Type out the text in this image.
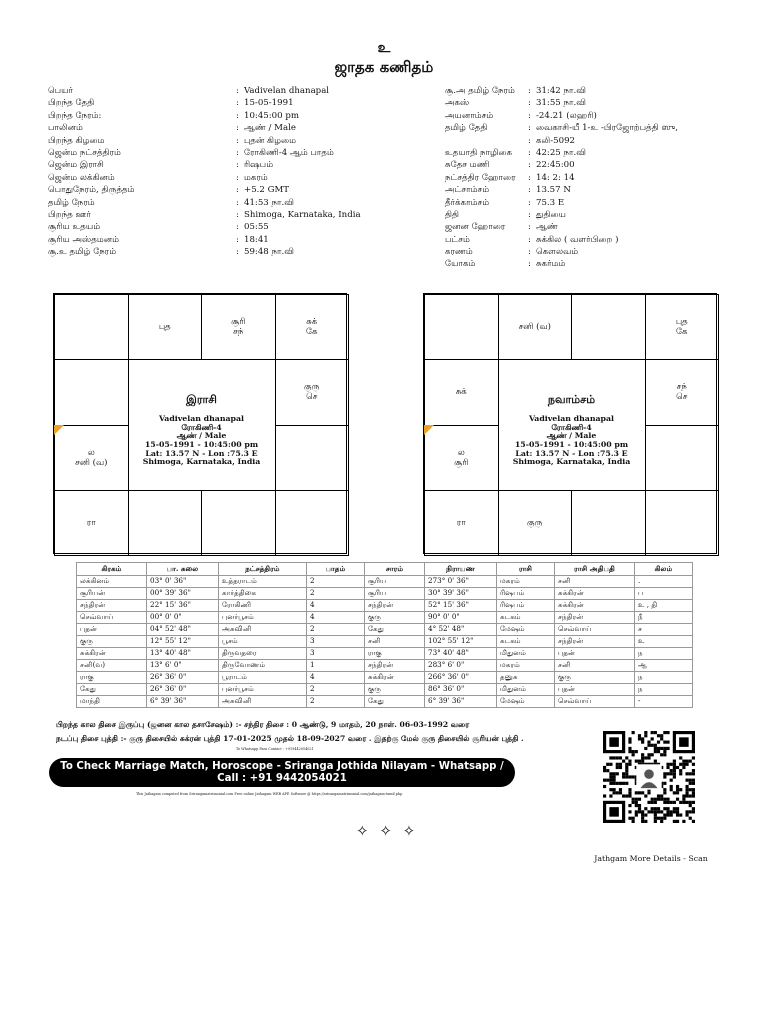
உ
ஜாதக கணிதம்
பெயர்	: Vadivelan dhanapal
பிறந்த தேதி	: 15-05-1991
பிறந்த நேரம்:	: 10:45:00 pm
பாலினம்	: ஆண் / Male
பிறந்த கிழமை	: புதன் கிழமை
ஜென்ம நட்சத்திரம்	: ரோகிணி-4 ஆம் பாதம்
ஜென்ம இராசி	: ரிஷபம்
ஜென்ம லக்கினம்	: மகரம்
பொதுநேரம், திருத்தம்	: +5.2 GMT
தமிழ் நேரம்	: 41:53 நா.வி
பிறந்த ஊர்	: Shimoga, Karnataka, India
சூரிய உதயம்	: 05:55
சூரிய அஸ்தமனம்	: 18:41
சூ.உ தமிழ் நேரம்	: 59:48 நா.வி
சூ.அ தமிழ் நேரம்	: 31:42 நா.வி
அகஸ்	: 31:55 நா.வி
அயனாம்சம்	: -24.21 (லஹரி)
தமிழ் தேதி	: வைகாசி-யீ 1-உ -பிரஜோற்பத்தி ஸு,
: கலி-5092
உதயாதி நாழிகை	: 42:25 நா.வி
சுதேச மணி	: 22:45:00
நட்சத்திர ஹோரை	: 14: 2: 14
அட்சாம்சம்	: 13.57 N
தீர்க்காம்சம்	: 75.3 E
திதி	: துதியை
ஜனன ஹோரை	: ஆண்
பட்சம்	: சுக்கில ( வளர்பிறை )
கரணம்	: கௌலவம்
யோகம்	: சுகர்மம்
புத	சூரி
சந்
சுக்
கே
குரு
செ
ல
சனி (வ)
ரா
இராசி
Vadivelan dhanapal
ரோகிணி-4
ஆண் / Male
15-05-1991 - 10:45:00 pm
Lat: 13.57 N - Lon :75.3 E
Shimoga, Karnataka, India
சனி (வ)	புத
கே
சுக்	சந்
செ
ல
சூரி
ரா	குரு
நவாம்சம்
Vadivelan dhanapal
ரோகிணி-4
ஆண் / Male
15-05-1991 - 10:45:00 pm
Lat: 13.57 N - Lon :75.3 E
Shimoga, Karnataka, India
கிரகம்	பா. கலை	நட்சத்திரம்	பாதம்	சாரம்	நிராயண	ராசி	ராசி அதிபதி	கிலம்
லக்கினம்	03° 0' 36"	உத்தராடம்	2	சூரிய	273° 0' 36"	மகரம்	சனி	.
சூரியன்	00° 39' 36"	கார்த்திகை	2	சூரிய	30° 39' 36"	ரிஷபம்	சுக்கிரன்	ப
சந்திரன்	22° 15' 36"	ரோகிணி	4	சந்திரன்	52° 15' 36"	ரிஷபம்	சுக்கிரன்	உ , தி
செவ்வாய்	00° 0' 0"	புனர்பூசம்	4	குரு	90° 0' 0"	கடகம்	சந்திரன்	நீ
புதன்	04° 52' 48"	அசுவினி	2	கேது	4° 52' 48"	மேஷம்	செவ்வாய்	ச
குரு	12° 55' 12"	பூசம்	3	சனி	102° 55' 12"	கடகம்	சந்திரன்	உ
சுக்கிரன்	13° 40' 48"	திருவதரை	3	ராகு	73° 40' 48"	மிதுனம்	புதன்	ந
சனி(வ)	13° 6' 0"	திருவோணம்	1	சந்திரன்	283° 6' 0"	மகரம்	சனி	ஆ
ராகு	26° 36' 0"	பூராடம்	4	சுக்கிரன்	266° 36' 0"	தனுசு	குரு	ந
கேது	26° 36' 0"	புனர்பூசம்	2	குரு	86° 36' 0"	மிதுனம்	புதன்	ந
மாந்தி	6° 39' 36"	அசுவினி	2	கேது	6° 39' 36"	மேஷம்	செவ்வாய்	-
பிறந்த கால திசை இருப்பு (ஜனன கால தசாசேஷம்) :- சந்திர திசை : 0 ஆண்டு, 9 மாதம், 20 நாள். 06-03-1992 வரை
நடப்பு திசை புத்தி :- குரு திசையில் சுக்ரன் புத்தி 17-01-2025 முதல் 18-09-2027 வரை . இதற்கு மேல் குரு திசையில் சூரியன் புத்தி .
To Whatsapp Para Contact : +919442054021
To Check Marriage Match, Horoscope - Sriranga Jothida Nilayam - Whatsapp / Call : +91 9442054021
This Jathagam computed from Srirangamatrimonial.com Free online Jathagam WEB APP. Software @ https://srirangamatrimonial.com/jathagam-tamil.php
✧ ✧ ✧
Jathgam More Details - Scan
